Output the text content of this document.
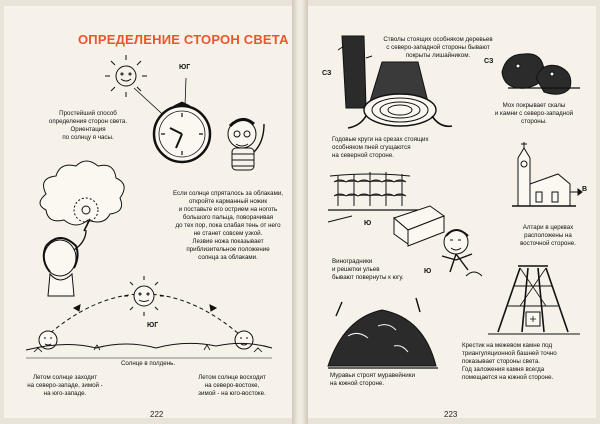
ОПРЕДЕЛЕНИЕ СТОРОН СВЕТА
ЮГ
ЮГ
Простейший способ
определения сторон света.
Ориентация
по солнцу я часы.
Если солнце спряталось за облаками,
откройте карманный ножик
и поставьте его острием на ноготь
большого пальца, поворачивая
до тех пор, пока слабая тень от него
не станет совсем узкой.
Лезвие ножа показывает
приблизительное положение
солнца за облаками.
Летом солнце заходит
на северо-западе, зимой -
на юго-западе.
Солнце в полдень.
Летом солнце восходит
на северо-востоке,
зимой - на юго-востоке.
222
СЗ
СЗ
В
Ю
Ю
Стволы стоящих особняком деревьев
с северо-западной стороны бывают
покрыты лишайником.
Мох покрывает скалы
и камни с северо-западной
стороны.
Годовые круги на срезах стоящих
особняком пней сгущаются
на северной стороне.
Алтари в церквах
расположены на
восточной стороне.
Виноградники
и решетки ульев
бывают повернуты к югу.
Муравьи строят муравейники
на южной стороне.
Крестик на межевом камне под
триангуляционной башней точно
показывает стороны света.
Год заложения камня всегда
помещается на южной стороне.
223
